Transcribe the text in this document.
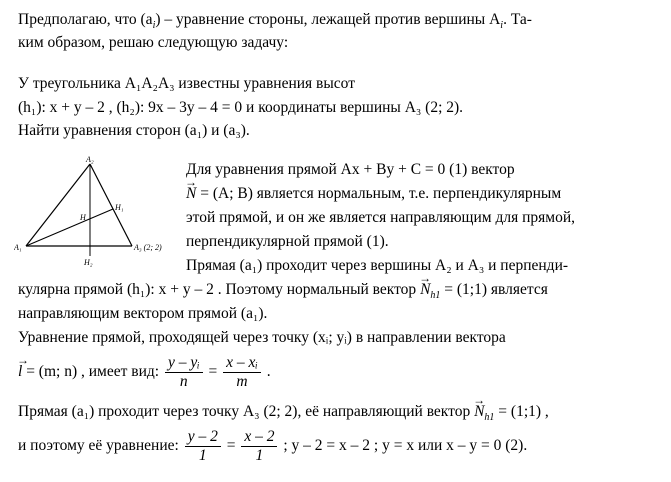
Предполагаю, что $(a_i)$ – уравнение стороны, лежащей против вершины $A_i$. Та-
ким образом, решаю следующую задачу:
У треугольника A₁A₂A₃ известны уравнения высот
(h₁): x + y – 2 , (h₂): 9x – 3y – 4 = 0 и координаты вершины A₃ (2; 2).
Найти уравнения сторон (a₁) и (a₃).
A₂
A₁	A₃ (2; 2)
H
H₁
H₂
Для уравнения прямой Ax + By + C = 0 (1) вектор
→ N = (A; B) является нормальным, т.е. перпендикулярным
этой прямой, и он же является направляющим для прямой,
перпендикулярной прямой (1).
Прямая (a₁) проходит через вершины A₂ и A₃ и перпенди-
кулярна прямой (h₁): x + y – 2 . Поэтому нормальный вектор → $N_{h1}$ = (1;1) является
направляющим вектором прямой (a₁).
Уравнение прямой, проходящей через точку (xᵢ; yᵢ) в направлении вектора
→ l = (m; n) , имеет вид: $\frac{\text{y – yᵢ}}{n} = \frac{\text{x – xᵢ}}{m}$ .
Прямая (a₁) проходит через точку A₃ (2; 2), её направляющий вектор → $N_{h1}$ = (1;1) ,
и поэтому её уравнение: $\frac{y - 2}{1} = \frac{x - 2}{1}$ ; y – 2 = x – 2 ; y = x или x – y = 0 (2).
